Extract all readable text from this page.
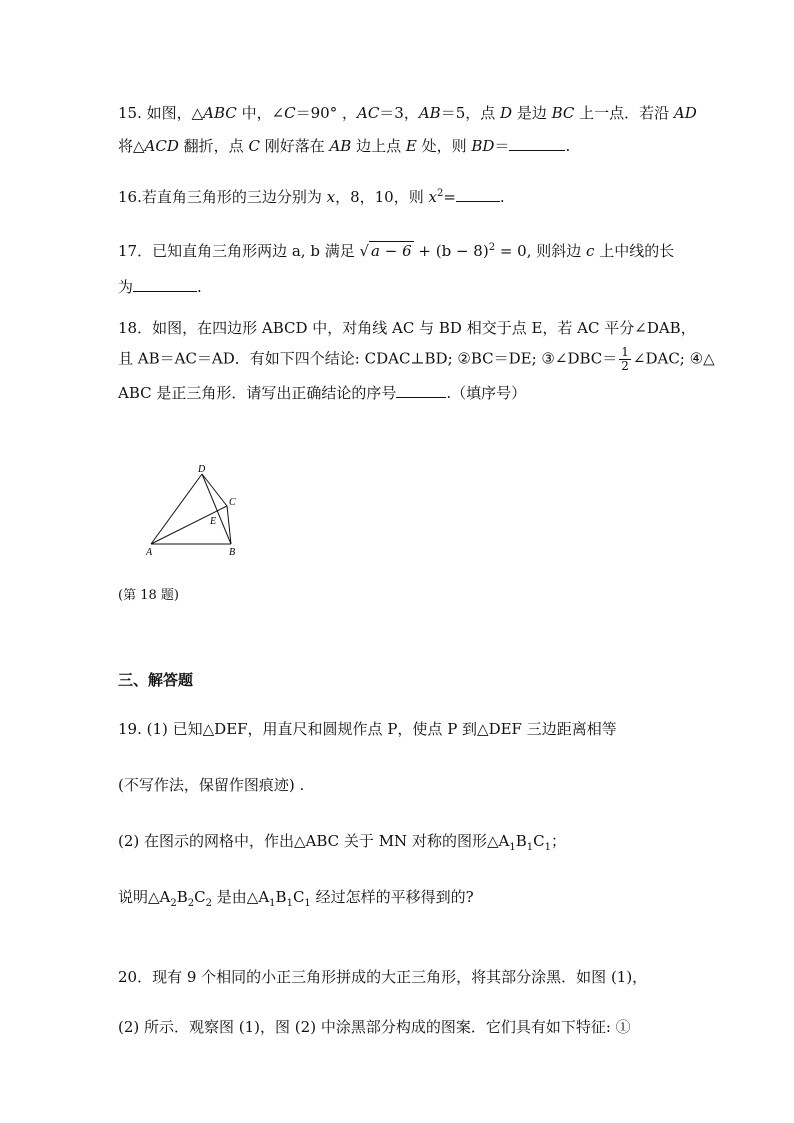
15. 如图，△ABC 中，∠C＝90° ，AC＝3，AB＝5，点 D 是边 BC 上一点．若沿 AD
将△ACD 翻折，点 C 刚好落在 AB 边上点 E 处，则 BD＝	.
16.若直角三角形的三边分别为 x，8，10，则 $x^2=$	.
17．已知直角三角形两边 a, b 满足 √ $a - 6 + (b - 8)^2 = 0$, 则斜边 c 上中线的长
为	.
18．如图，在四边形 ABCD 中，对角线 AC 与 BD 相交于点 E，若 AC 平分∠DAB，
且 AB＝AC＝AD．有如下四个结论: CDAC⊥BD; ②BC＝DE; ③∠DBC＝ $\frac{1}{2}$ ∠DAC; ④△
ABC 是正三角形．请写出正确结论的序号	.（填序号）
D
C
E
A	B
(第 18 题)
三、解答题
19. (1) 已知△DEF，用直尺和圆规作点 P，使点 P 到△DEF 三边距离相等
(不写作法，保留作图痕迹) .
(2) 在图示的网格中，作出△ABC 关于 MN 对称的图形$\triangle A_1B_1C_1$；
说明$\triangle A_2B_2C_2$ 是由$\triangle A_1B_1C_1$ 经过怎样的平移得到的?
20．现有 9 个相同的小正三角形拼成的大正三角形，将其部分涂黑．如图 (1)，
(2) 所示．观察图 (1)，图 (2) 中涂黑部分构成的图案．它们具有如下特征: ①
